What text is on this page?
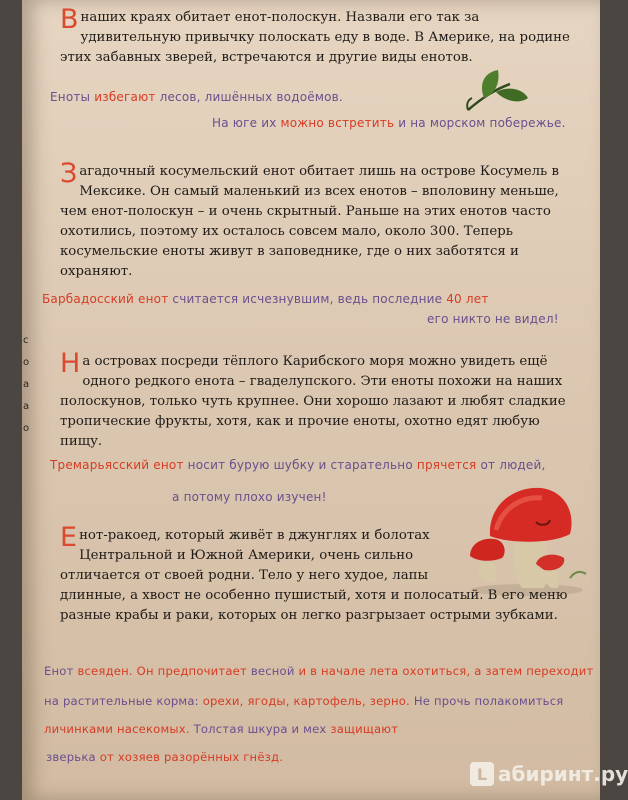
с
о
а
а
о
В наших краях обитает енот-полоскун. Назвали его так за удивительную привычку полоскать еду в воде. В Америке, на родине этих забавных зверей, встречаются и другие виды енотов.
Еноты избегают лесов, лишённых водоёмов.
На юге их можно встретить и на морском побережье.
Загадочный косумельский енот обитает лишь на острове Косумель в Мексике. Он самый маленький из всех енотов – вполовину меньше, чем енот-полоскун – и очень скрытный. Раньше на этих енотов часто охотились, поэтому их осталось совсем мало, около 300. Теперь косумельские еноты живут в заповеднике, где о них заботятся и охраняют.
Барбадосский енот считается исчезнувшим, ведь последние 40 лет
его никто не видел!
На островах посреди тёплого Карибского моря можно увидеть ещё одного редкого енота – гваделупского. Эти еноты похожи на наших полоскунов, только чуть крупнее. Они хорошо лазают и любят сладкие тропические фрукты, хотя, как и прочие еноты, охотно едят любую пищу.
Тремарьясский енот носит бурую шубку и старательно прячется от людей,
а потому плохо изучен!
Енот-ракоед, который живёт в джунглях и болотах
Центральной и Южной Америки, очень сильно
отличается от своей родни. Тело у него худое, лапы
длинные, а хвост не особенно пушистый, хотя и полосатый. В его меню разные крабы и раки, которых он легко разгрызает острыми зубками.
Енот всеяден. Он предпочитает весной и в начале лета охотиться, а затем переходит
на растительные корма: орехи, ягоды, картофель, зерно. Не прочь полакомиться
личинками насекомых. Толстая шкура и мех защищают
зверька от хозяев разорённых гнёзд.
L абиринт.ру
